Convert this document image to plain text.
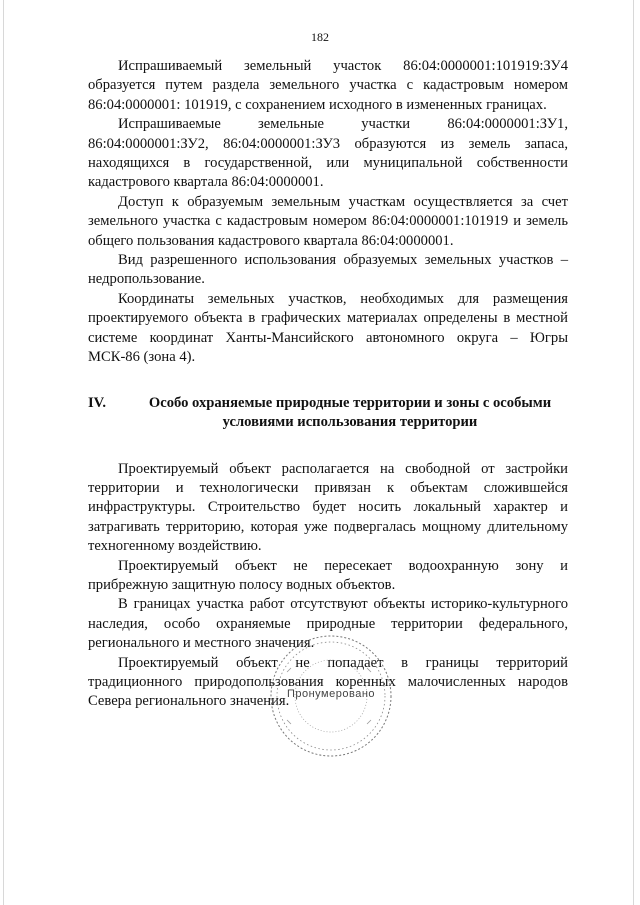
182

Испрашиваемый земельный участок 86:04:0000001:101919:ЗУ4 образуется путем раздела земельного участка с кадастровым номером 86:04:0000001: 101919, с сохранением исходного в измененных границах.

Испрашиваемые земельные участки 86:04:0000001:ЗУ1, 86:04:0000001:ЗУ2, 86:04:0000001:ЗУ3 образуются из земель запаса, находящихся в государственной, или муниципальной собственности кадастрового квартала 86:04:0000001.

Доступ к образуемым земельным участкам осуществляется за счет земельного участка с кадастровым номером 86:04:0000001:101919 и земель общего пользования кадастрового квартала 86:04:0000001.

Вид разрешенного использования образуемых земельных участков – недропользование.

Координаты земельных участков, необходимых для размещения проектируемого объекта в графических материалах определены в местной системе координат Ханты-Мансийского автономного округа – Югры МСК-86 (зона 4).

IV.	Особо охраняемые природные территории и зоны с особыми условиями использования территории

Проектируемый объект располагается на свободной от застройки территории и технологически привязан к объектам сложившейся инфраструктуры. Строительство будет носить локальный характер и затрагивать территорию, которая уже подвергалась мощному длительному техногенному воздействию.

Проектируемый объект не пересекает водоохранную зону и прибрежную защитную полосу водных объектов.

В границах участка работ отсутствуют объекты историко-культурного наследия, особо охраняемые природные территории федерального, регионального и местного значения.

Проектируемый объект не попадает в границы территорий традиционного природопользования коренных малочисленных народов Севера регионального значения.

Пронумеровано
